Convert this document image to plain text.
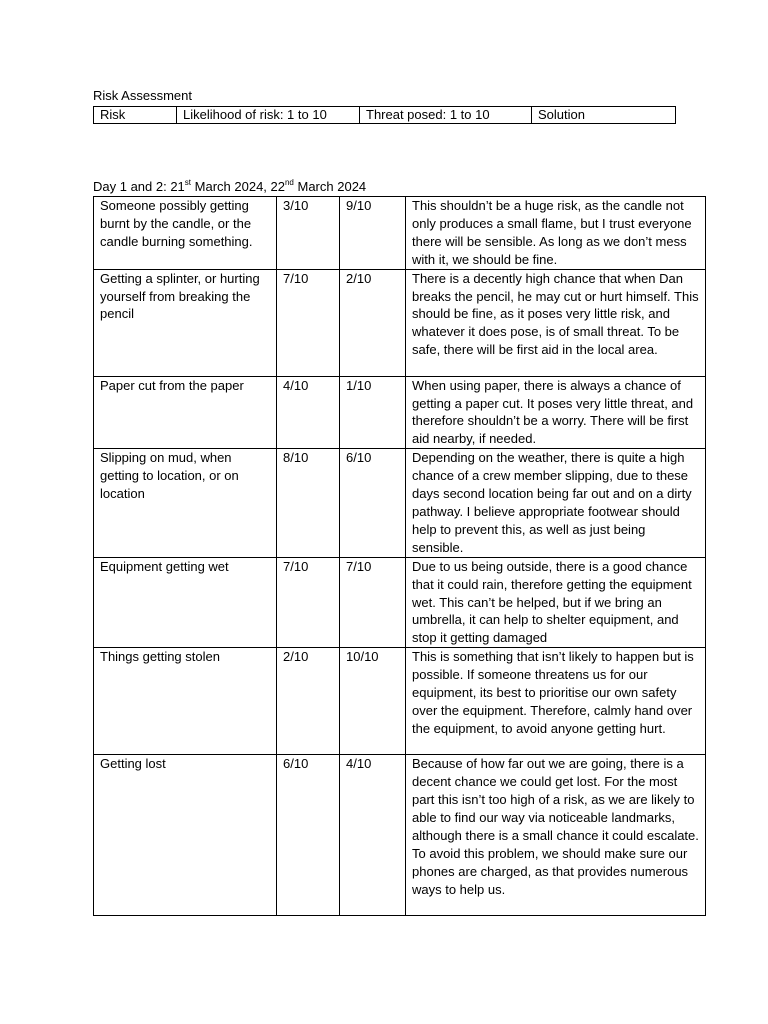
Risk Assessment
Risk	Likelihood of risk: 1 to 10	Threat posed: 1 to 10	Solution
Day 1 and 2: 21st March 2024, 22nd March 2024
Someone possibly getting burnt by the candle, or the candle burning something.	3/10	9/10	This shouldn’t be a huge risk, as the candle not only produces a small flame, but I trust everyone there will be sensible. As long as we don’t mess with it, we should be fine.
Getting a splinter, or hurting yourself from breaking the pencil	7/10	2/10	There is a decently high chance that when Dan breaks the pencil, he may cut or hurt himself. This should be fine, as it poses very little risk, and whatever it does pose, is of small threat. To be safe, there will be first aid in the local area.
Paper cut from the paper	4/10	1/10	When using paper, there is always a chance of getting a paper cut. It poses very little threat, and therefore shouldn’t be a worry. There will be first aid nearby, if needed.
Slipping on mud, when getting to location, or on location	8/10	6/10	Depending on the weather, there is quite a high chance of a crew member slipping, due to these days second location being far out and on a dirty pathway. I believe appropriate footwear should help to prevent this, as well as just being sensible.
Equipment getting wet	7/10	7/10	Due to us being outside, there is a good chance that it could rain, therefore getting the equipment wet. This can’t be helped, but if we bring an umbrella, it can help to shelter equipment, and stop it getting damaged
Things getting stolen	2/10	10/10	This is something that isn’t likely to happen but is possible. If someone threatens us for our equipment, its best to prioritise our own safety over the equipment. Therefore, calmly hand over the equipment, to avoid anyone getting hurt.
Getting lost	6/10	4/10	Because of how far out we are going, there is a decent chance we could get lost. For the most part this isn’t too high of a risk, as we are likely to able to find our way via noticeable landmarks, although there is a small chance it could escalate. To avoid this problem, we should make sure our phones are charged, as that provides numerous ways to help us.
